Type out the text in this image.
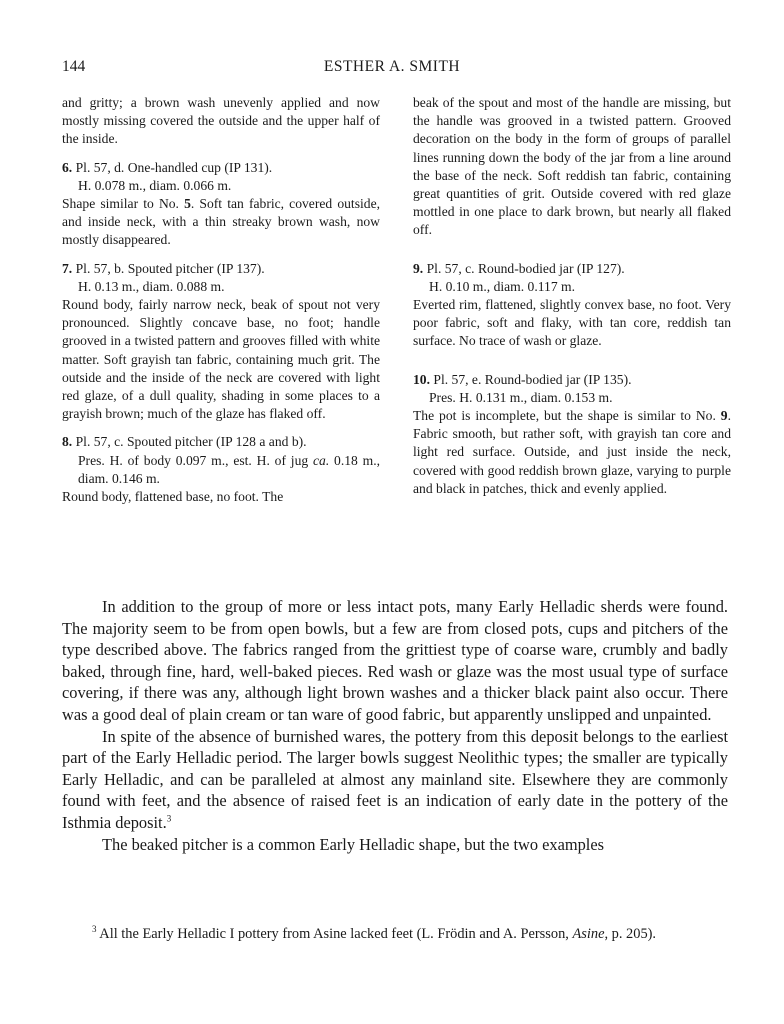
144	ESTHER A. SMITH

and gritty; a brown wash unevenly applied and now mostly missing covered the outside and the upper half of the inside.

6. Pl. 57, d. One-handled cup (IP 131).

H. 0.078 m., diam. 0.066 m.

Shape similar to No. 5. Soft tan fabric, covered outside, and inside neck, with a thin streaky brown wash, now mostly disappeared.

7. Pl. 57, b. Spouted pitcher (IP 137).

H. 0.13 m., diam. 0.088 m.

Round body, fairly narrow neck, beak of spout not very pronounced. Slightly concave base, no foot; handle grooved in a twisted pattern and grooves filled with white matter. Soft grayish tan fabric, containing much grit. The outside and the inside of the neck are covered with light red glaze, of a dull quality, shading in some places to a grayish brown; much of the glaze has flaked off.

8. Pl. 57, c. Spouted pitcher (IP 128 a and b).

Pres. H. of body 0.097 m., est. H. of jug ca. 0.18 m., diam. 0.146 m.

Round body, flattened base, no foot. The

beak of the spout and most of the handle are missing, but the handle was grooved in a twisted pattern. Grooved decoration on the body in the form of groups of parallel lines running down the body of the jar from a line around the base of the neck. Soft reddish tan fabric, containing great quantities of grit. Outside covered with red glaze mottled in one place to dark brown, but nearly all flaked off.

9. Pl. 57, c. Round-bodied jar (IP 127).

H. 0.10 m., diam. 0.117 m.

Everted rim, flattened, slightly convex base, no foot. Very poor fabric, soft and flaky, with tan core, reddish tan surface. No trace of wash or glaze.

10. Pl. 57, e. Round-bodied jar (IP 135).

Pres. H. 0.131 m., diam. 0.153 m.

The pot is incomplete, but the shape is similar to No. 9. Fabric smooth, but rather soft, with grayish tan core and light red surface. Outside, and just inside the neck, covered with good reddish brown glaze, varying to purple and black in patches, thick and evenly applied.

In addition to the group of more or less intact pots, many Early Helladic sherds were found. The majority seem to be from open bowls, but a few are from closed pots, cups and pitchers of the type described above. The fabrics ranged from the grittiest type of coarse ware, crumbly and badly baked, through fine, hard, well-baked pieces. Red wash or glaze was the most usual type of surface covering, if there was any, although light brown washes and a thicker black paint also occur. There was a good deal of plain cream or tan ware of good fabric, but apparently unslipped and unpainted.

In spite of the absence of burnished wares, the pottery from this deposit belongs to the earliest part of the Early Helladic period. The larger bowls suggest Neolithic types; the smaller are typically Early Helladic, and can be paralleled at almost any mainland site. Elsewhere they are commonly found with feet, and the absence of raised feet is an indication of early date in the pottery of the Isthmia deposit.$^3$

The beaked pitcher is a common Early Helladic shape, but the two examples

$^3$ All the Early Helladic I pottery from Asine lacked feet (L. Frödin and A. Persson, Asine, p. 205).
